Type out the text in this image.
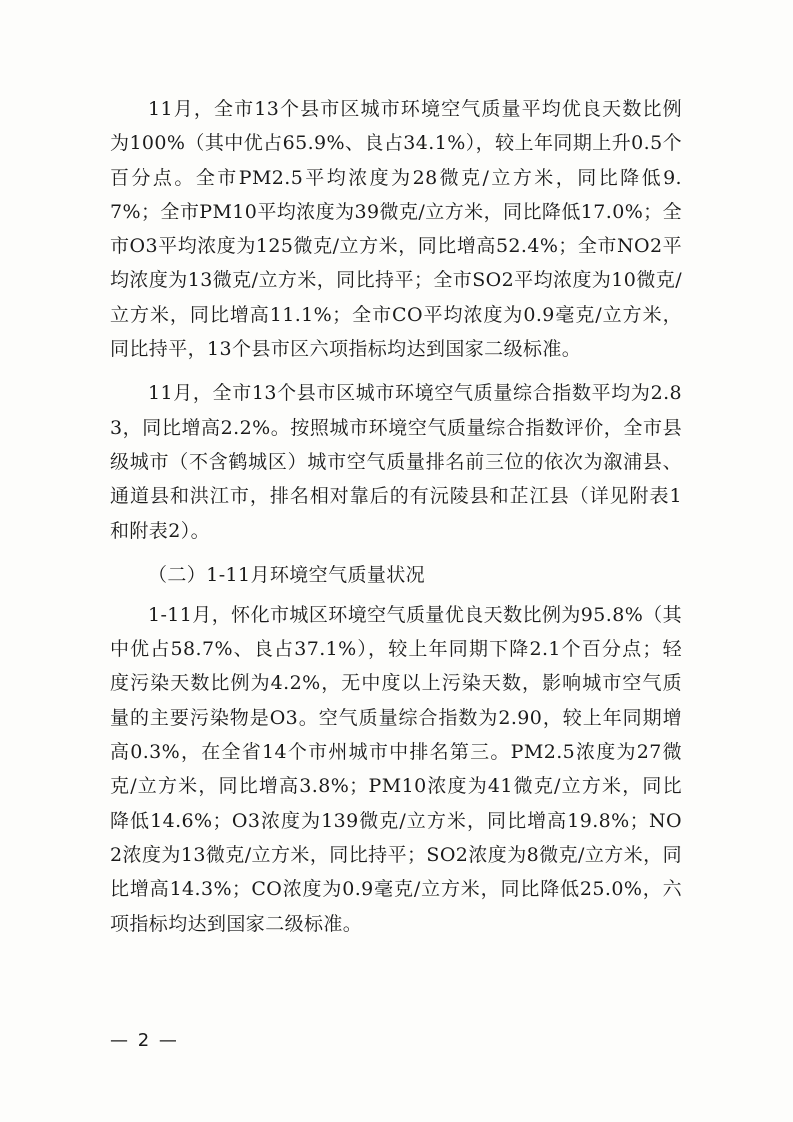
11月，全市13个县市区城市环境空气质量平均优良天数比例为100%（其中优占65.9%、良占34.1%），较上年同期上升0.5个百分点。全市PM2.5平均浓度为28微克/立方米，同比降低9.7%；全市PM10平均浓度为39微克/立方米，同比降低17.0%；全市O3平均浓度为125微克/立方米，同比增高52.4%；全市NO2平均浓度为13微克/立方米，同比持平；全市SO2平均浓度为10微克/立方米，同比增高11.1%；全市CO平均浓度为0.9毫克/立方米，同比持平，13个县市区六项指标均达到国家二级标准。

11月，全市13个县市区城市环境空气质量综合指数平均为2.83，同比增高2.2%。按照城市环境空气质量综合指数评价，全市县级城市（不含鹤城区）城市空气质量排名前三位的依次为溆浦县、通道县和洪江市，排名相对靠后的有沅陵县和芷江县（详见附表1和附表2）。

（二）1-11月环境空气质量状况

1-11月，怀化市城区环境空气质量优良天数比例为95.8%（其中优占58.7%、良占37.1%），较上年同期下降2.1个百分点；轻度污染天数比例为4.2%，无中度以上污染天数，影响城市空气质量的主要污染物是O3。空气质量综合指数为2.90，较上年同期增高0.3%，在全省14个市州城市中排名第三。PM2.5浓度为27微克/立方米，同比增高3.8%；PM10浓度为41微克/立方米，同比降低14.6%；O3浓度为139微克/立方米，同比增高19.8%；NO2浓度为13微克/立方米，同比持平；SO2浓度为8微克/立方米，同比增高14.3%；CO浓度为0.9毫克/立方米，同比降低25.0%，六项指标均达到国家二级标准。

— 2 —
